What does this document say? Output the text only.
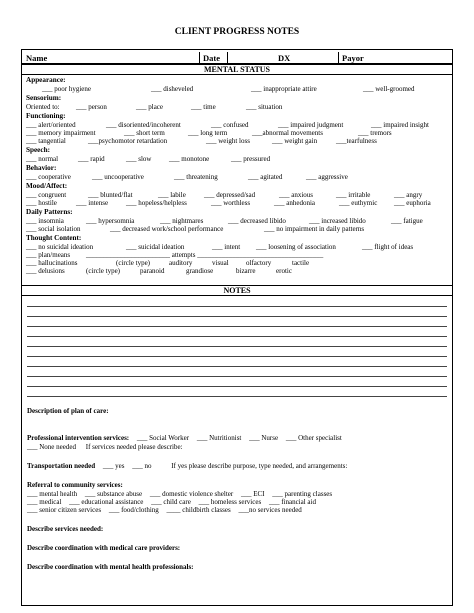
CLIENT PROGRESS NOTES
Name	Date	DX	Payor
MENTAL STATUS
Appearance:
___ poor hygiene	___ disheveled	___ inappropriate attire	___ well-groomed
Sensorium:
Oriented to: ___ person	___ place	___ time	___ situation
Functioning:
___ alert/oriented	___ disoriented/incoherent	___ confused	___ impaired judgment	___ impaired insight
___ memory impairment	___ short term	___ long term	___abnormal movements	___ tremors
___ tangential	___psychomotor retardation	___ weight loss	___ weight gain	___tearfulness
Speech:
___ normal	___ rapid	___ slow	___ monotone	___ pressured
Behavior:
___ cooperative	___ uncooperative	___ threatening	___ agitated	___ aggressive
Mood/Affect:
___ congruent	___ blunted/flat	___ labile	___ depressed/sad	___ anxious	___ irritable	___ angry
___ hostile	___ intense	___ hopeless/helpless	___ worthless	___ anhedonia	___ euthymic ___ euphoria
Daily Patterns:
___ insomnia	___ hypersomnia	___ nightmares	___ decreased libido	___ increased libido	___ fatigue
___ social isolation	___ decreased work/school performance	___ no impairment in daily patterns
Thought Content:
___ no suicidal ideation	___ suicidal ideation	___ intent ___ loosening of association	___ flight of ideas
___ plan/means ________________________ attempts ____________________________________
___ hallucinations	(circle type)	auditory	visual olfactory	tactile
___ delusions	(circle type)	paranoid	grandiose	bizarre	erotic
NOTES
Description of plan of care:
Professional intervention services: ___ Social Worker ___ Nutritionist ___ Nurse ___ Other specialist
___ None needed If services needed please describe:
Transportation needed ___ yes ___ no	If yes please describe purpose, type needed, and arrangements:
Referral to community services:
___ mental health ___ substance abuse ___ domestic violence shelter ___ ECI ___ parenting classes
___ medical ___ educational assistance ___ child care ___ homeless services ___ financial aid
___ senior citizen services ___ food/clothing ____ childbirth classes ___no services needed
Describe services needed:
Describe coordination with medical care providers:
Describe coordination with mental health professionals:
